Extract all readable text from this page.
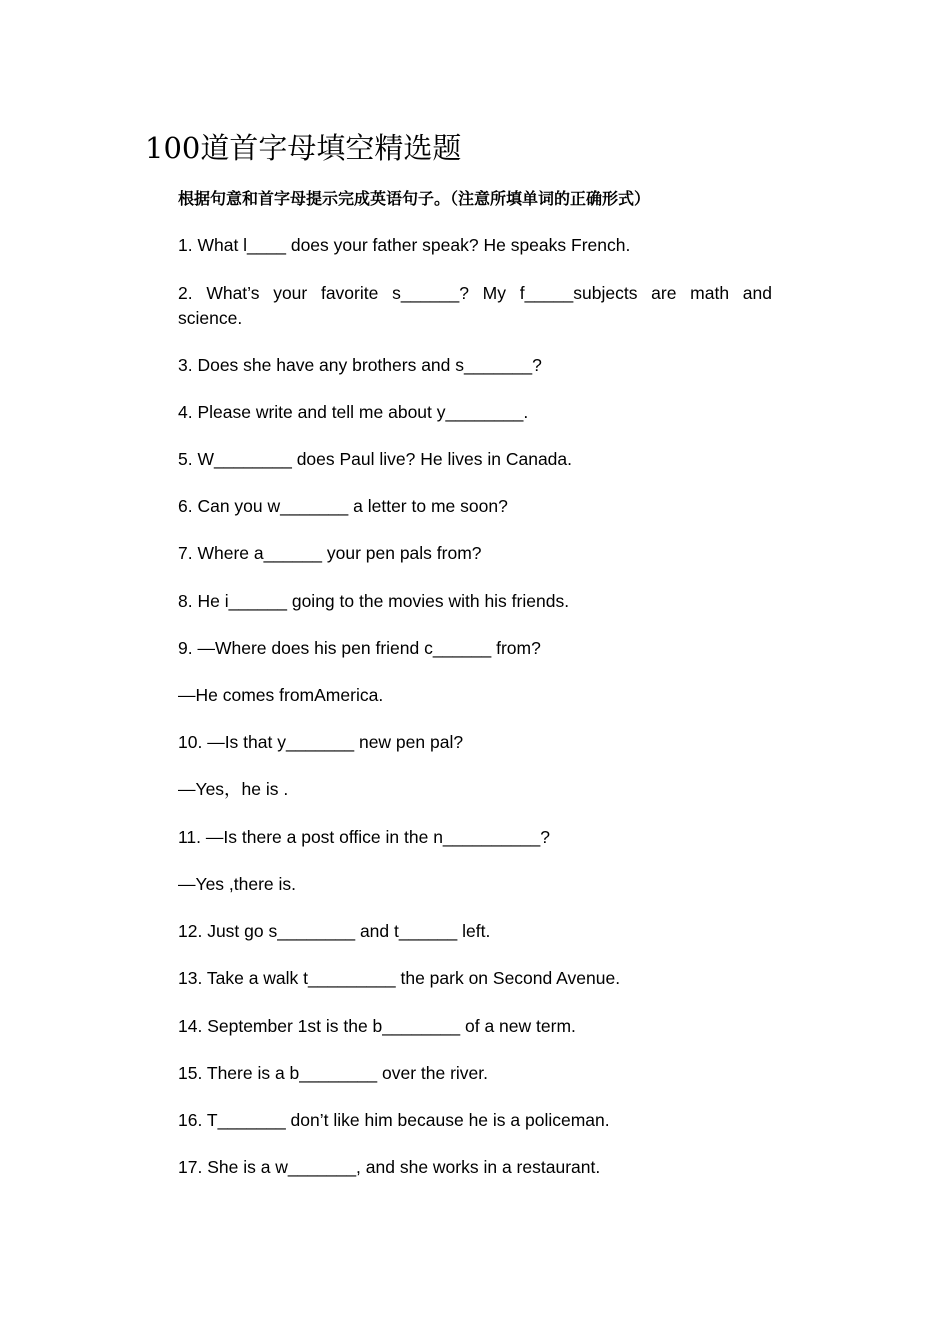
100道首字母填空精选题
根据句意和首字母提示完成英语句子。（注意所填单词的正确形式）
1. What l____ does your father speak? He speaks French.
2. What’s your favorite s______? My f_____subjects are math and science.
3. Does she have any brothers and s_______?
4. Please write and tell me about y________.
5. W________ does Paul live? He lives in Canada.
6. Can you w_______ a letter to me soon?
7. Where a______ your pen pals from?
8. He i______ going to the movies with his friends.
9. —Where does his pen friend c______ from?
—He comes fromAmerica.
10. —Is that y_______ new pen pal?
—Yes，he is .
11. —Is there a post office in the n__________?
—Yes ,there is.
12. Just go s________ and t______ left.
13. Take a walk t_________ the park on Second Avenue.
14. September 1st is the b________ of a new term.
15. There is a b________ over the river.
16. T_______ don’t like him because he is a policeman.
17. She is a w_______, and she works in a restaurant.
